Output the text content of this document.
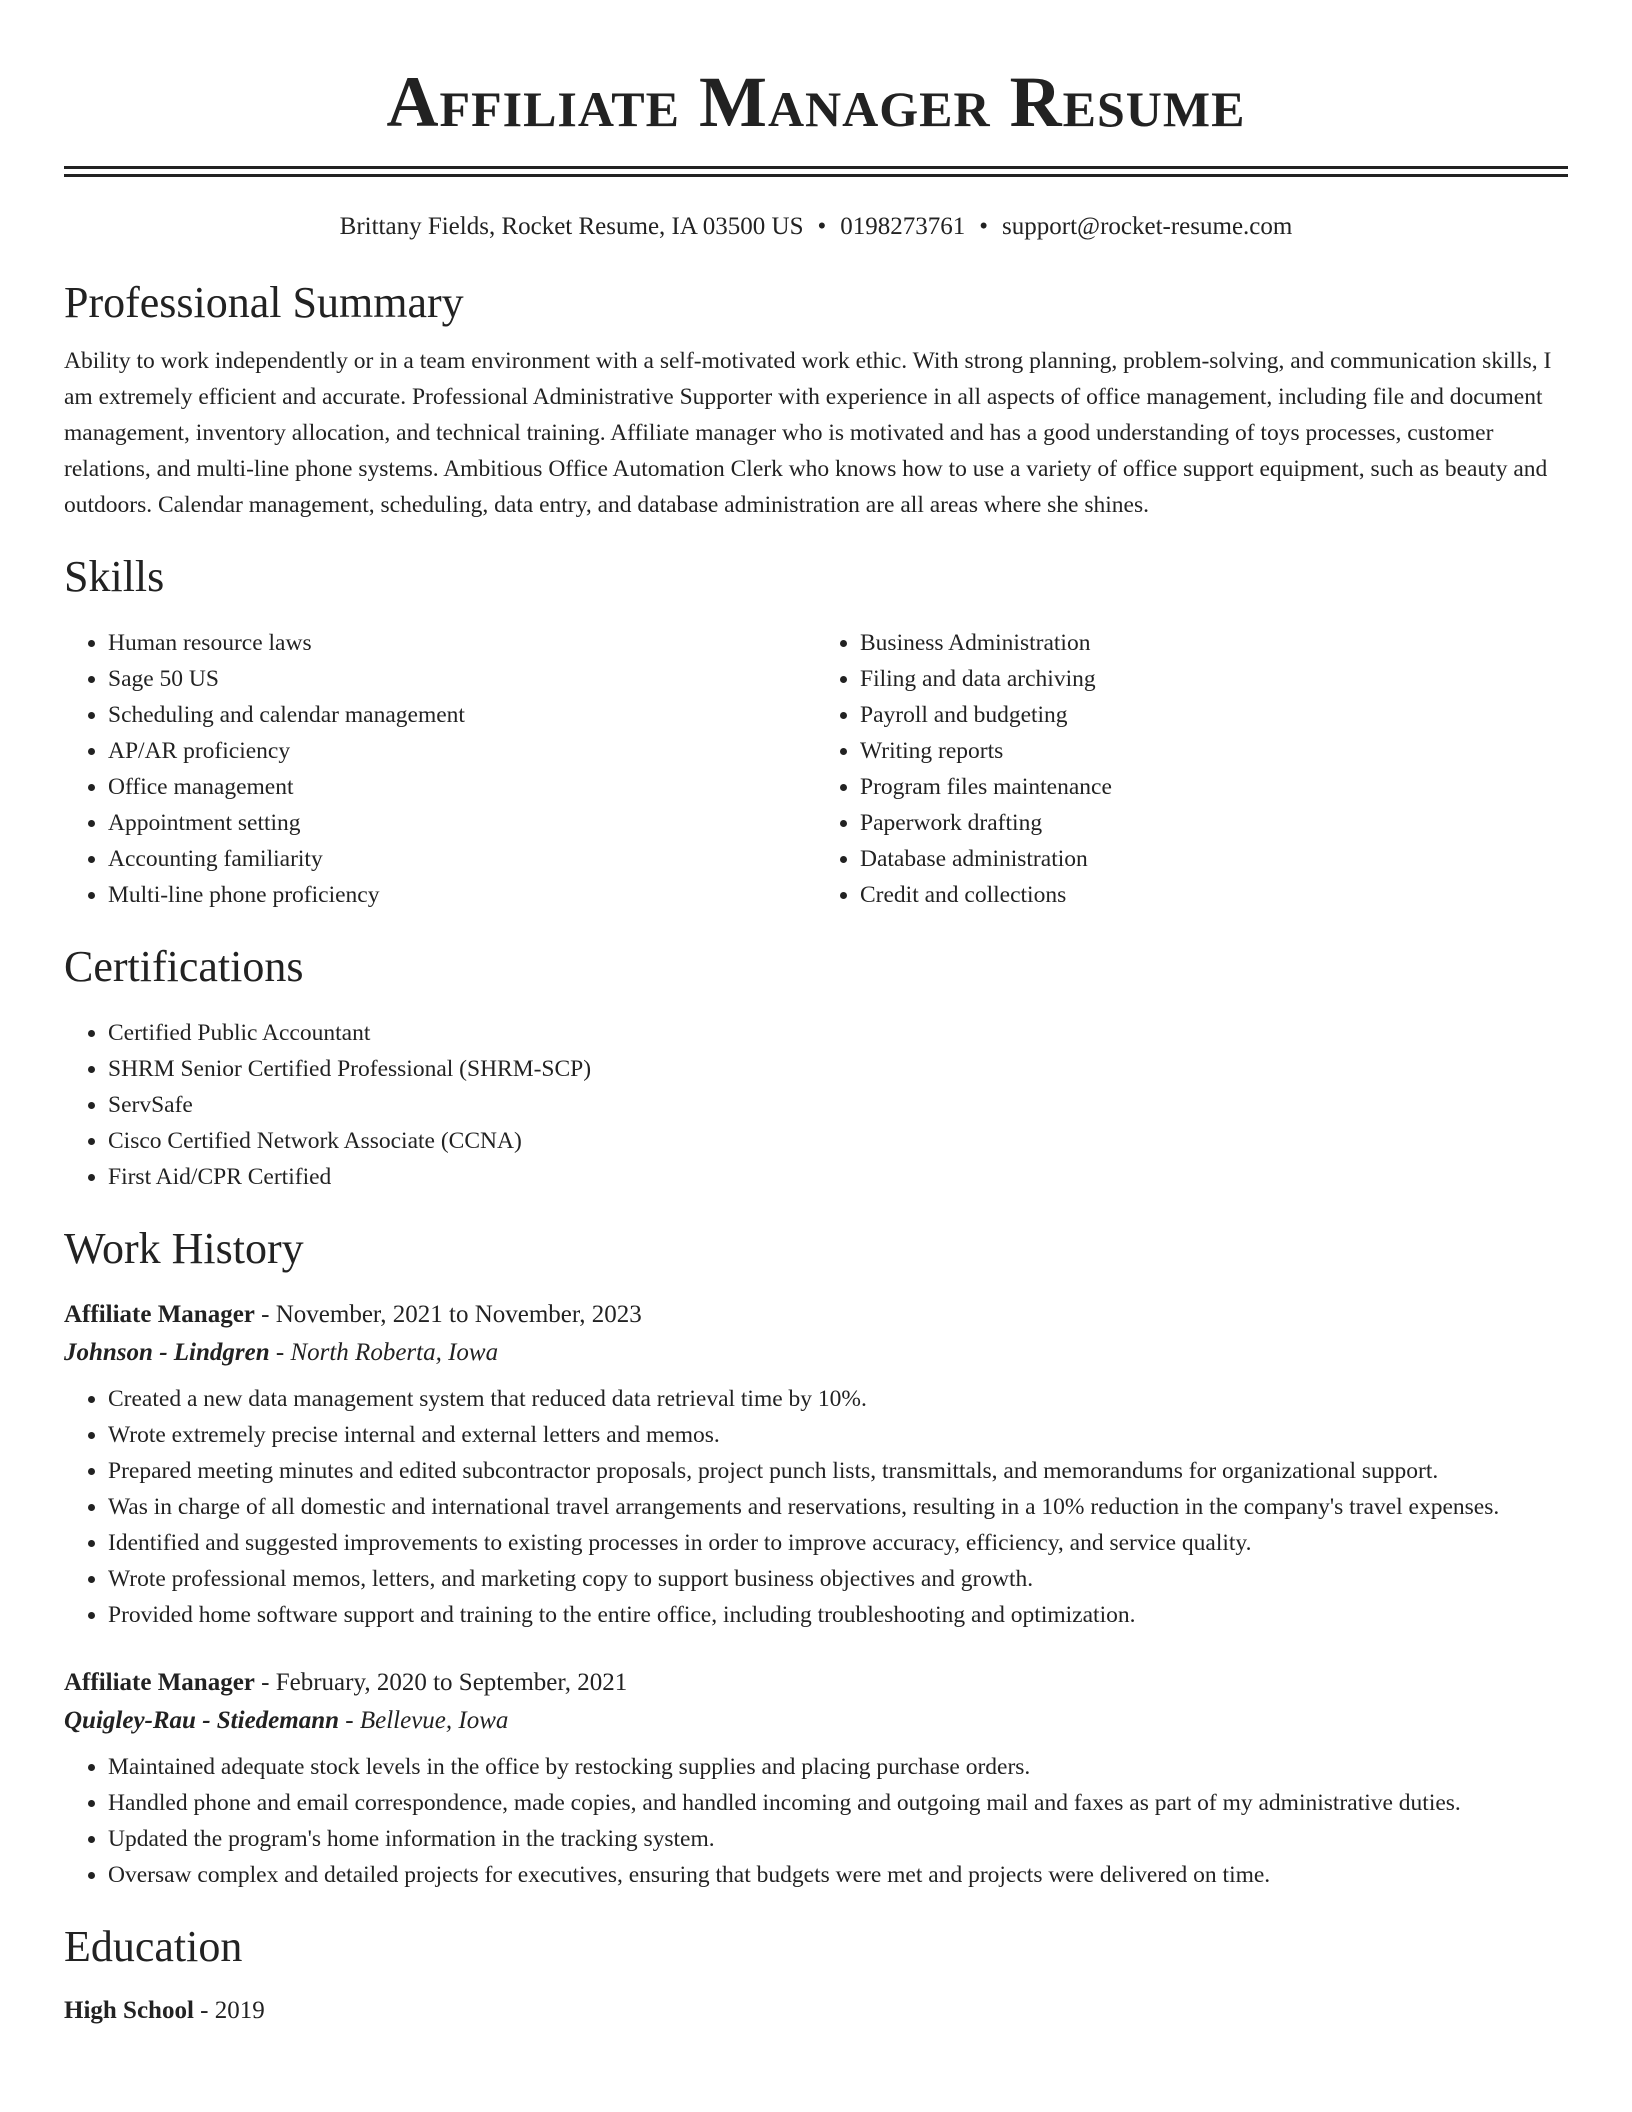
Affiliate Manager Resume
Brittany Fields, Rocket Resume, IA 03500 US • 0198273761 • support@rocket-resume.com
Professional Summary

Ability to work independently or in a team environment with a self-motivated work ethic. With strong planning, problem-solving, and communication skills, I am extremely efficient and accurate. Professional Administrative Supporter with experience in all aspects of office management, including file and document management, inventory allocation, and technical training. Affiliate manager who is motivated and has a good understanding of toys processes, customer relations, and multi-line phone systems. Ambitious Office Automation Clerk who knows how to use a variety of office support equipment, such as beauty and outdoors. Calendar management, scheduling, data entry, and database administration are all areas where she shines.

Skills
• Human resource laws
• Sage 50 US
• Scheduling and calendar management
• AP/AR proficiency
• Office management
• Appointment setting
• Accounting familiarity
• Multi-line phone proficiency
• Business Administration
• Filing and data archiving
• Payroll and budgeting
• Writing reports
• Program files maintenance
• Paperwork drafting
• Database administration
• Credit and collections
Certifications
• Certified Public Accountant
• SHRM Senior Certified Professional (SHRM-SCP)
• ServSafe
• Cisco Certified Network Associate (CCNA)
• First Aid/CPR Certified
Work History
Affiliate Manager - November, 2021 to November, 2023
Johnson - Lindgren - North Roberta, Iowa
• Created a new data management system that reduced data retrieval time by 10%.
• Wrote extremely precise internal and external letters and memos.
• Prepared meeting minutes and edited subcontractor proposals, project punch lists, transmittals, and memorandums for organizational support.
• Was in charge of all domestic and international travel arrangements and reservations, resulting in a 10% reduction in the company's travel expenses.
• Identified and suggested improvements to existing processes in order to improve accuracy, efficiency, and service quality.
• Wrote professional memos, letters, and marketing copy to support business objectives and growth.
• Provided home software support and training to the entire office, including troubleshooting and optimization.
Affiliate Manager - February, 2020 to September, 2021
Quigley-Rau - Stiedemann - Bellevue, Iowa
• Maintained adequate stock levels in the office by restocking supplies and placing purchase orders.
• Handled phone and email correspondence, made copies, and handled incoming and outgoing mail and faxes as part of my administrative duties.
• Updated the program's home information in the tracking system.
• Oversaw complex and detailed projects for executives, ensuring that budgets were met and projects were delivered on time.
Education
High School - 2019
